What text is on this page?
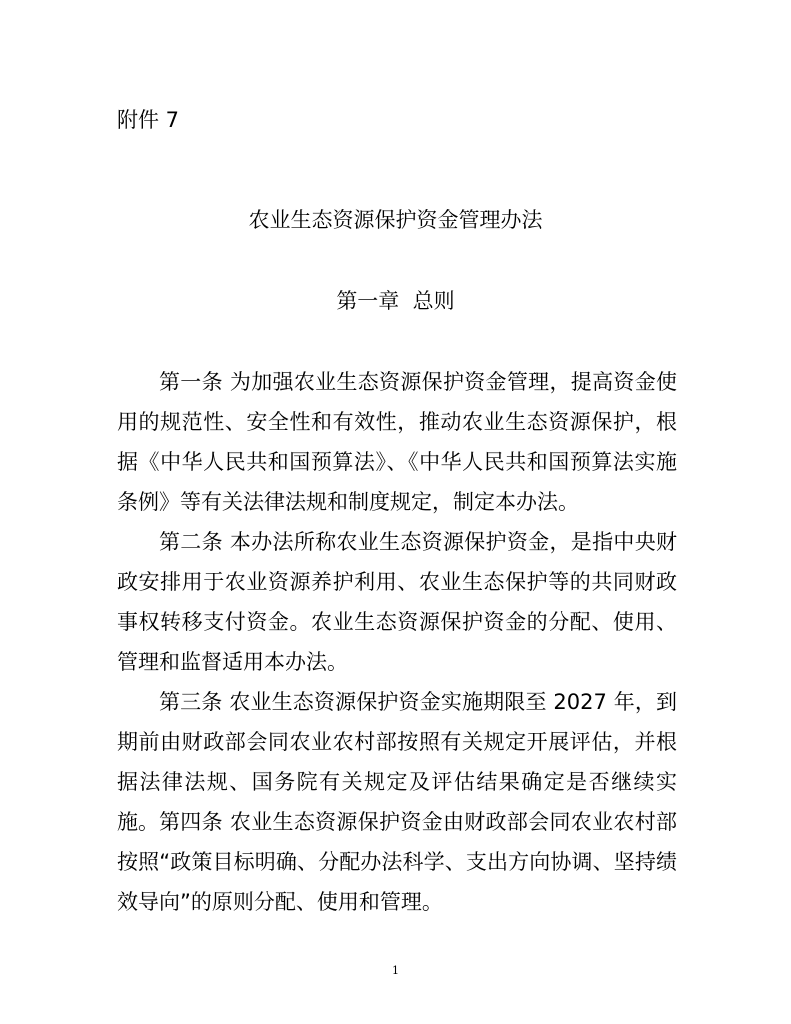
附件 7
农业生态资源保护资金管理办法
第一章  总则

第一条 为加强农业生态资源保护资金管理，提高资金使用的规范性、安全性和有效性，推动农业生态资源保护，根据《中华人民共和国预算法》、《中华人民共和国预算法实施条例》等有关法律法规和制度规定，制定本办法。

第二条 本办法所称农业生态资源保护资金，是指中央财政安排用于农业资源养护利用、农业生态保护等的共同财政事权转移支付资金。农业生态资源保护资金的分配、使用、管理和监督适用本办法。

第三条 农业生态资源保护资金实施期限至 2027 年，到期前由财政部会同农业农村部按照有关规定开展评估，并根据法律法规、国务院有关规定及评估结果确定是否继续实施。 第四条 农业生态资源保护资金由财政部会同农业农村部按照“政策目标明确、分配办法科学、支出方向协调、坚持绩效导向”的原则分配、使用和管理。

1
